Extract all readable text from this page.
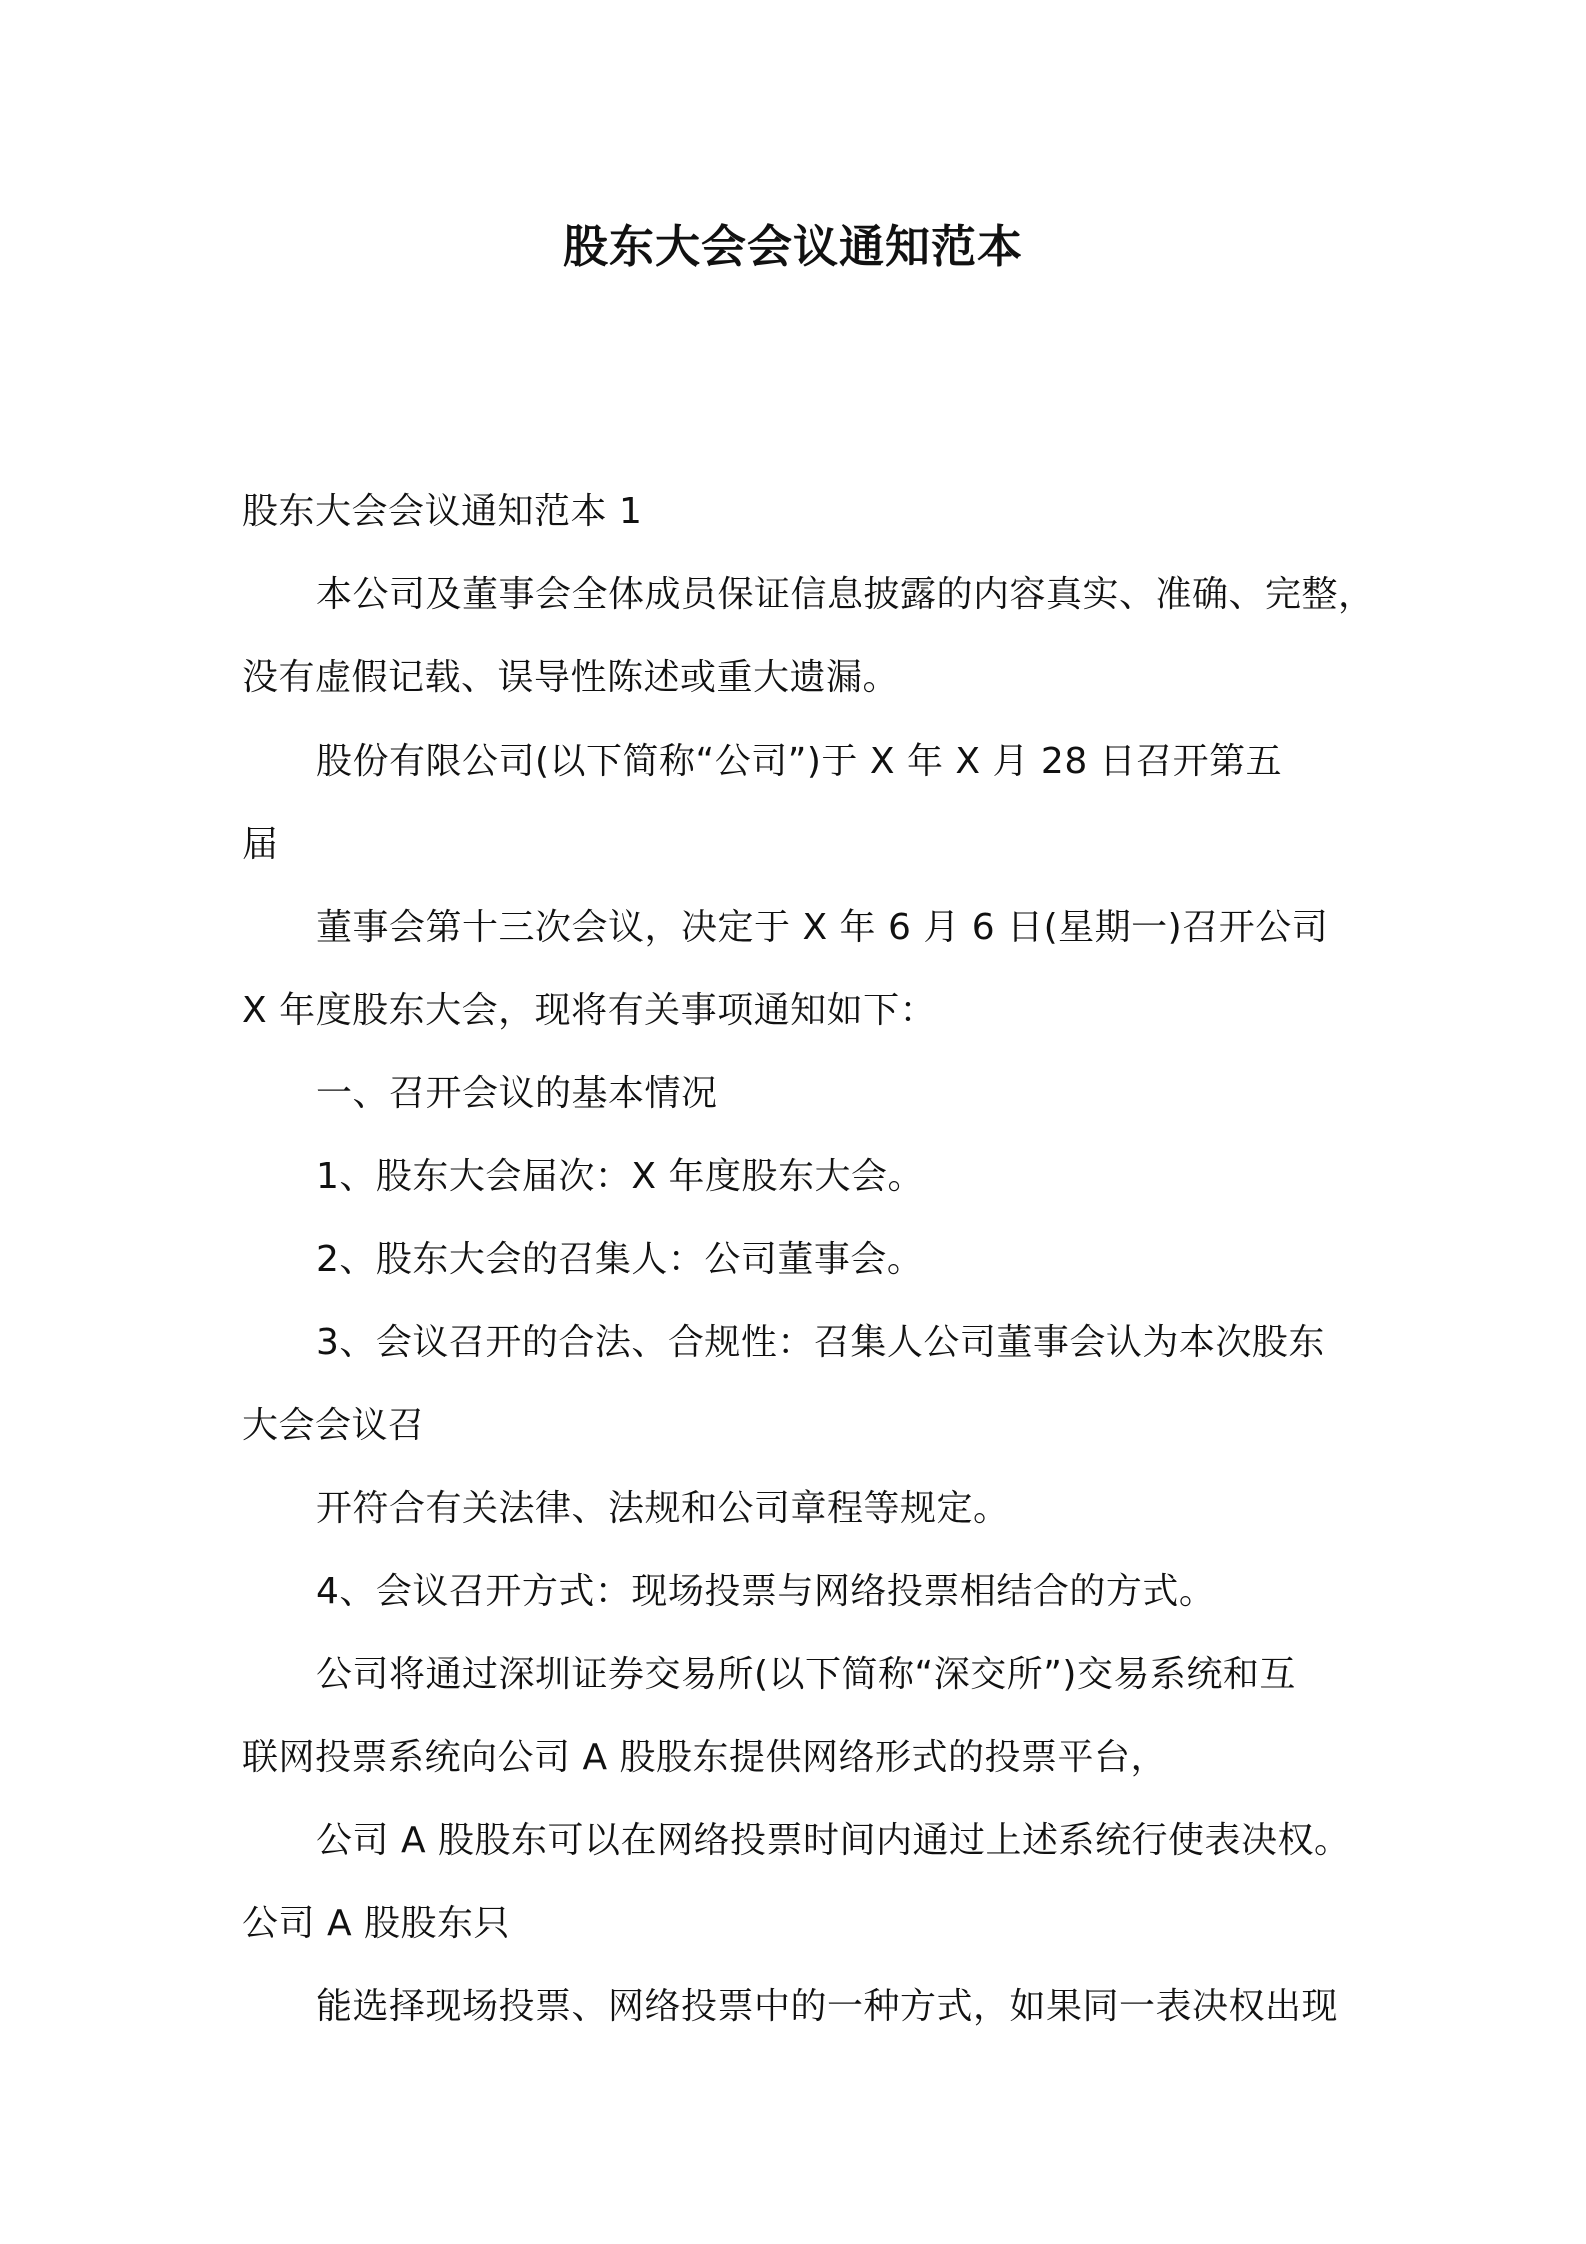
股东大会会议通知范本
股东大会会议通知范本 1
本公司及董事会全体成员保证信息披露的内容真实、准确、完整，
没有虚假记载、误导性陈述或重大遗漏。
股份有限公司(以下简称“公司”)于 X 年 X 月 28 日召开第五
届
董事会第十三次会议，决定于 X 年 6 月 6 日(星期一)召开公司
X 年度股东大会，现将有关事项通知如下：
一、召开会议的基本情况
1、股东大会届次：X 年度股东大会。
2、股东大会的召集人：公司董事会。
3、会议召开的合法、合规性：召集人公司董事会认为本次股东
大会会议召
开符合有关法律、法规和公司章程等规定。
4、会议召开方式：现场投票与网络投票相结合的方式。
公司将通过深圳证券交易所(以下简称“深交所”)交易系统和互
联网投票系统向公司 A 股股东提供网络形式的投票平台，
公司 A 股股东可以在网络投票时间内通过上述系统行使表决权。
公司 A 股股东只
能选择现场投票、网络投票中的一种方式，如果同一表决权出现
